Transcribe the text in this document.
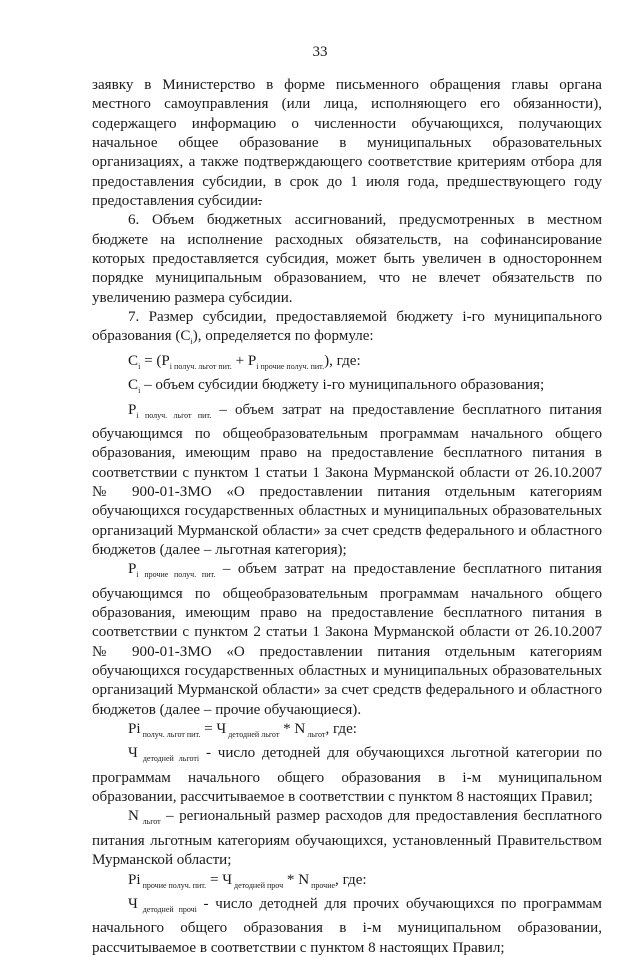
33

заявку в Министерство в форме письменного обращения главы органа местного самоуправления (или лица, исполняющего его обязанности), содержащего информацию о численности обучающихся, получающих начальное общее образование в муниципальных образовательных организациях, а также подтверждающего соответствие критериям отбора для предоставления субсидии, в срок до 1 июля года, предшествующего году предоставления субсидии.

6. Объем бюджетных ассигнований, предусмотренных в местном бюджете на исполнение расходных обязательств, на софинансирование которых предоставляется субсидия, может быть увеличен в одностороннем порядке муниципальным образованием, что не влечет обязательств по увеличению размера субсидии.

7. Размер субсидии, предоставляемой бюджету i-го муниципального образования $(C_i)$, определяется по формуле:

$C_i = (P_i$ $_{получ. льгот пит.} + P_i$ $_{прочие получ. пит.}$), где:

$C_i$ – объем субсидии бюджету i-го муниципального образования;

$P_i$ $_{получ. льгот пит.}$ – объем затрат на предоставление бесплатного питания обучающимся по общеобразовательным программам начального общего образования, имеющим право на предоставление бесплатного питания в соответствии с пунктом 1 статьи 1 Закона Мурманской области от 26.10.2007 № 900-01-ЗМО «О предоставлении питания отдельным категориям обучающихся государственных областных и муниципальных образовательных организаций Мурманской области» за счет средств федерального и областного бюджетов (далее – льготная категория);

$P_i$ $_{прочие получ. пит.}$ – объем затрат на предоставление бесплатного питания обучающимся по общеобразовательным программам начального общего образования, имеющим право на предоставление бесплатного питания в соответствии с пунктом 2 статьи 1 Закона Мурманской области от 26.10.2007 № 900-01-ЗМО «О предоставлении питания отдельным категориям обучающихся государственных областных и муниципальных образовательных организаций Мурманской области» за счет средств федерального и областного бюджетов (далее – прочие обучающиеся).

Pi $_{получ. льгот пит.}$ = Ч $_{детодней льгот}$ * N $_{льгот}$, где:

Ч $_{детодней льготi}$ - число детодней для обучающихся льготной категории по программам начального общего образования в i-м муниципальном образовании, рассчитываемое в соответствии с пунктом 8 настоящих Правил;

N $_{льгот}$ – региональный размер расходов для предоставления бесплатного питания льготным категориям обучающихся, установленный Правительством Мурманской области;

Pi $_{прочие получ. пит.}$ = Ч $_{детодней проч}$ * N $_{прочие}$, где:

Ч $_{детодней прочi}$ - число детодней для прочих обучающихся по программам начального общего образования в i-м муниципальном образовании, рассчитываемое в соответствии с пунктом 8 настоящих Правил;
